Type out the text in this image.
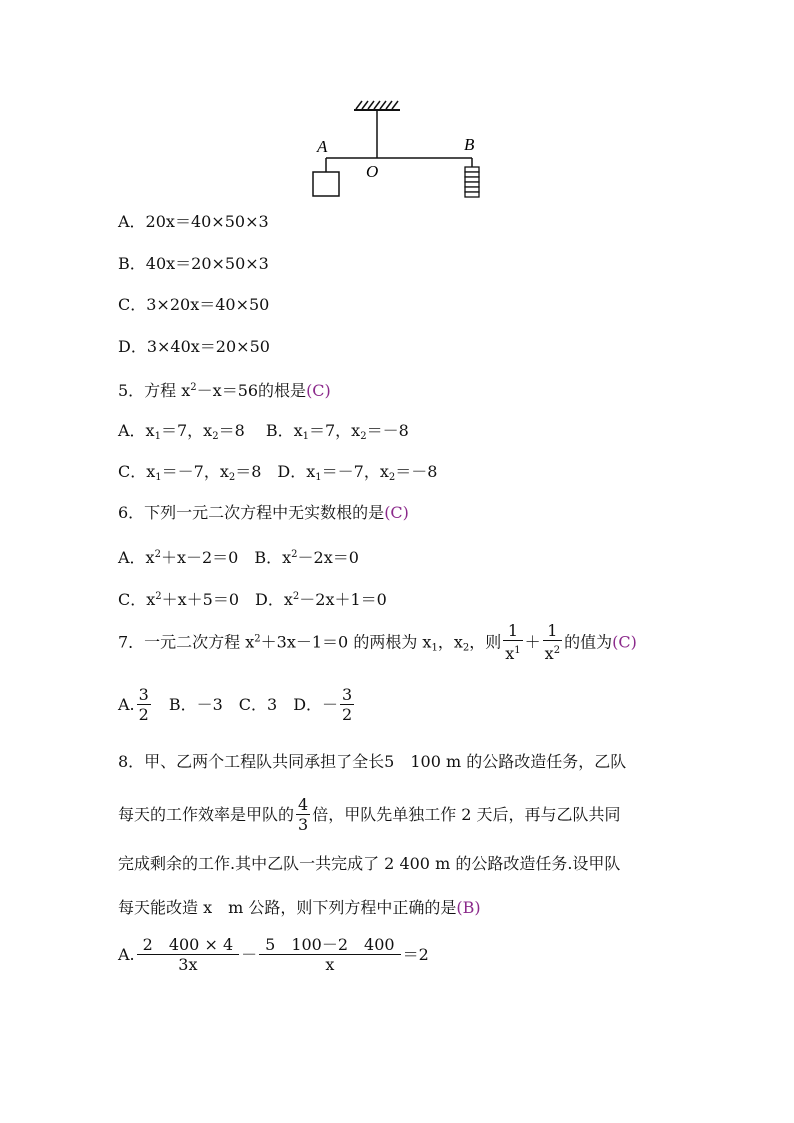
A
O
B
A．20x＝40×50×3
B．40x＝20×50×3
C．3×20x＝40×50
D．3×40x＝20×50
5．方程 $x^2-x=56$的根是(C)
A．$x_1=7$，$x_2=8$　 B．$x_1=7$，$x_2=-8$
C．$x_1=-7$，$x_2=8$　D．$x_1=-7$，$x_2=-8$
6．下列一元二次方程中无实数根的是(C)
A．$x^2+x-2=0$　B．$x^2-2x=0$
C．$x^2+x+5=0$　D．$x^2-2x+1=0$
7．一元二次方程 $x^2+3x-1=0$ 的两根为 $x_1$，$x_2$，则 $\frac{1}{x^1} + \frac{1}{x^2}$ 的值为(C)
A. $\frac{3}{2}$ 　B．－3　C．3　D．－ $\frac{3}{2}$
8．甲、乙两个工程队共同承担了全长5　100 m 的公路改造任务，乙队
每天的工作效率是甲队的 $\frac{4}{3}$ 倍，甲队先单独工作 2 天后，再与乙队共同
完成剩余的工作.其中乙队一共完成了 2 400 m 的公路改造任务.设甲队
每天能改造 x　m 公路，则下列方程中正确的是(B)
A. $\frac{2 400 \times 4}{3x} - \frac{5 100-2 400}{x} =2$
